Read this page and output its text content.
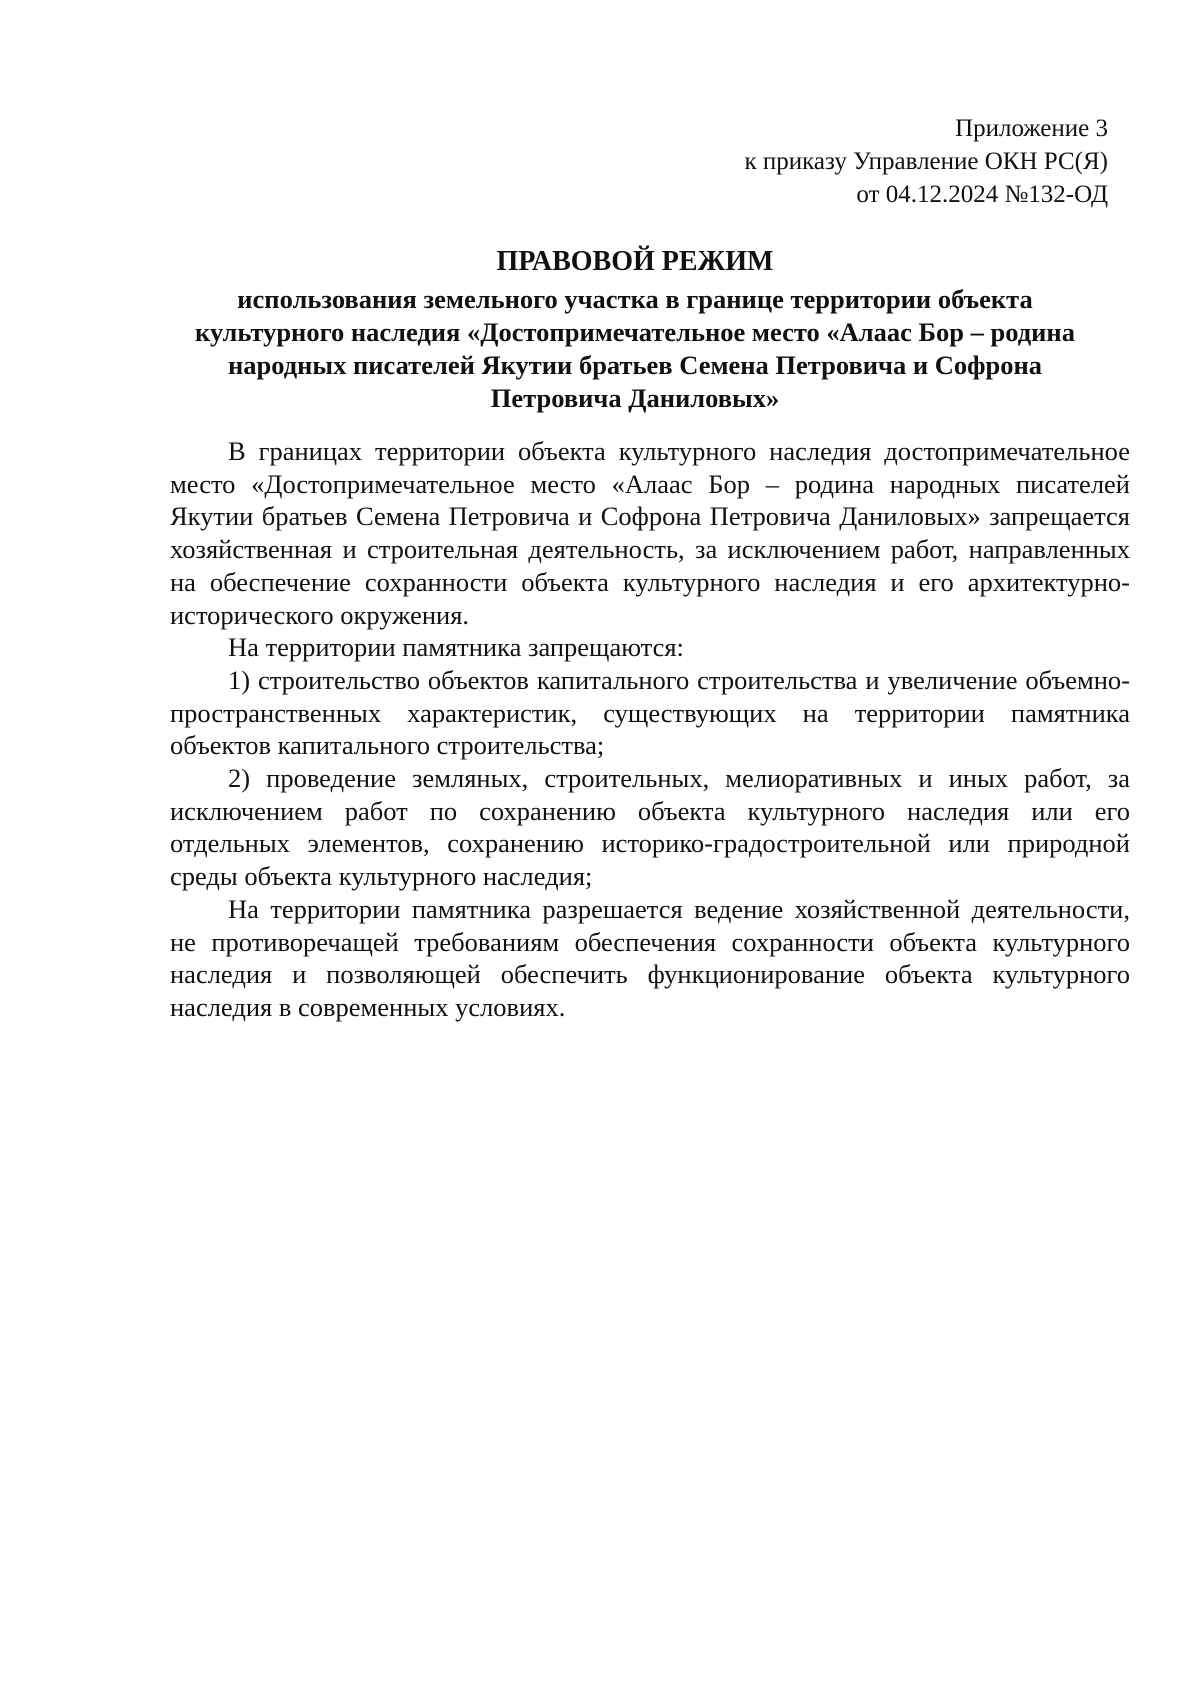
Приложение 3
к приказу Управление ОКН РС(Я)
от 04.12.2024 №132-ОД
ПРАВОВОЙ РЕЖИМ
использования земельного участка в границе территории объекта культурного наследия «Достопримечательное место «Алаас Бор – родина народных писателей Якутии братьев Семена Петровича и Софрона Петровича Даниловых»

В границах территории объекта культурного наследия достопримечательное место «Достопримечательное место «Алаас Бор – родина народных писателей Якутии братьев Семена Петровича и Софрона Петровича Даниловых» запрещается хозяйственная и строительная деятельность, за исключением работ, направленных на обеспечение сохранности объекта культурного наследия и его архитектурно-исторического окружения.

На территории памятника запрещаются:

1) строительство объектов капитального строительства и увеличение объемно-пространственных характеристик, существующих на территории памятника объектов капитального строительства;

2) проведение земляных, строительных, мелиоративных и иных работ, за исключением работ по сохранению объекта культурного наследия или его отдельных элементов, сохранению историко-градостроительной или природной среды объекта культурного наследия;

На территории памятника разрешается ведение хозяйственной деятельности, не противоречащей требованиям обеспечения сохранности объекта культурного наследия и позволяющей обеспечить функционирование объекта культурного наследия в современных условиях.
